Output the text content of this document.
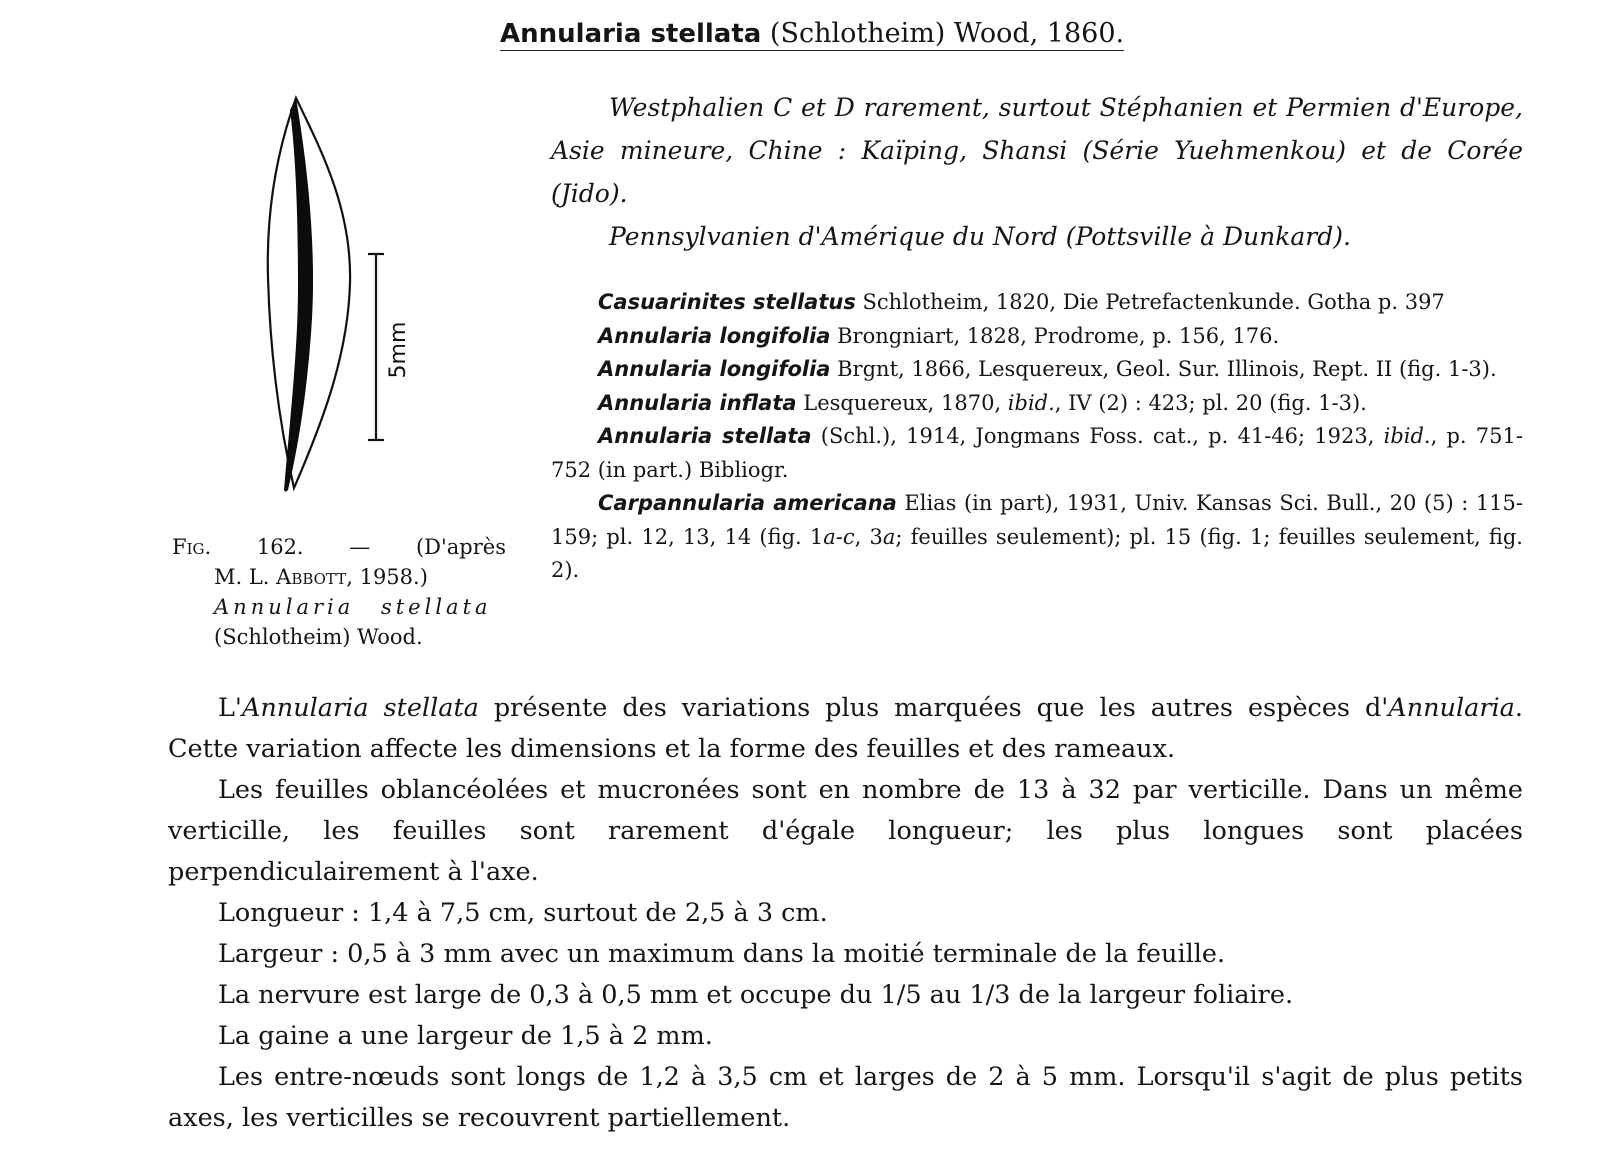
Annularia stellata (Schlotheim) Wood, 1860.

Westphalien C et D rarement, surtout Stéphanien et Permien d'Europe, Asie mineure, Chine : Kaïping, Shansi (Série Yuehmenkou) et de Corée (Jido).

Pennsylvanien d'Amérique du Nord (Pottsville à Dunkard).

5mm
Fig. 162. — (D'après
M. L. Abbott, 1958.)
Annularia stellata
(Schlotheim) Wood.

Casuarinites stellatus Schlotheim, 1820, Die Petrefactenkunde. Gotha p. 397

Annularia longifolia Brongniart, 1828, Prodrome, p. 156, 176.

Annularia longifolia Brgnt, 1866, Lesquereux, Geol. Sur. Illinois, Rept. II (fig. 1-3).

Annularia inflata Lesquereux, 1870, ibid., IV (2) : 423; pl. 20 (fig. 1-3).

Annularia stellata (Schl.), 1914, Jongmans Foss. cat., p. 41-46; 1923, ibid., p. 751-752 (in part.) Bibliogr.

Carpannularia americana Elias (in part), 1931, Univ. Kansas Sci. Bull., 20 (5) : 115-159; pl. 12, 13, 14 (fig. 1a-c, 3a; feuilles seulement); pl. 15 (fig. 1; feuilles seulement, fig. 2).

L'Annularia stellata présente des variations plus marquées que les autres espèces d'Annularia. Cette variation affecte les dimensions et la forme des feuilles et des rameaux.

Les feuilles oblancéolées et mucronées sont en nombre de 13 à 32 par verticille. Dans un même verticille, les feuilles sont rarement d'égale longueur; les plus longues sont placées perpendiculairement à l'axe.

Longueur : 1,4 à 7,5 cm, surtout de 2,5 à 3 cm.

Largeur : 0,5 à 3 mm avec un maximum dans la moitié terminale de la feuille.

La nervure est large de 0,3 à 0,5 mm et occupe du 1/5 au 1/3 de la largeur foliaire.

La gaine a une largeur de 1,5 à 2 mm.

Les entre-nœuds sont longs de 1,2 à 3,5 cm et larges de 2 à 5 mm. Lorsqu'il s'agit de plus petits axes, les verticilles se recouvrent partiellement.
